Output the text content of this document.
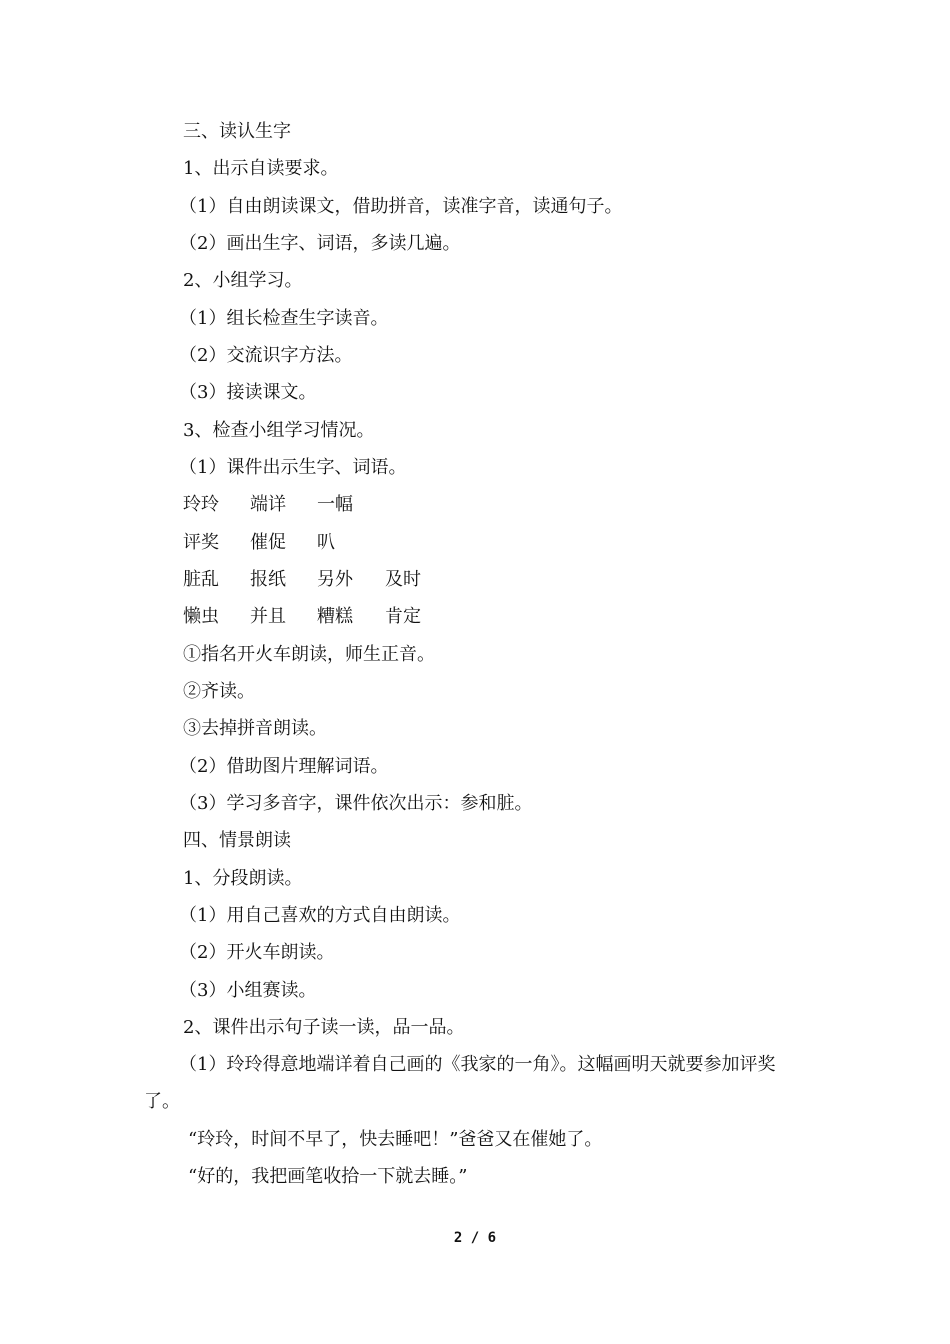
三、读认生字
1、出示自读要求。
（1）自由朗读课文，借助拼音，读准字音，读通句子。
（2）画出生字、词语，多读几遍。
2、小组学习。
（1）组长检查生字读音。
（2）交流识字方法。
（3）接读课文。
3、检查小组学习情况。
（1）课件出示生字、词语。
玲玲 端详 一幅
评奖 催促 叭
脏乱 报纸 另外 及时
懒虫 并且 糟糕 肯定
①指名开火车朗读，师生正音。
②齐读。
③去掉拼音朗读。
（2）借助图片理解词语。
（3）学习多音字，课件依次出示：参和脏。
四、情景朗读
1、分段朗读。
（1）用自己喜欢的方式自由朗读。
（2）开火车朗读。
（3）小组赛读。
2、课件出示句子读一读，品一品。
（1）玲玲得意地端详着自己画的《我家的一角》。这幅画明天就要参加评奖
了。
“玲玲，时间不早了，快去睡吧！”爸爸又在催她了。
“好的，我把画笔收拾一下就去睡。”
2 / 6
